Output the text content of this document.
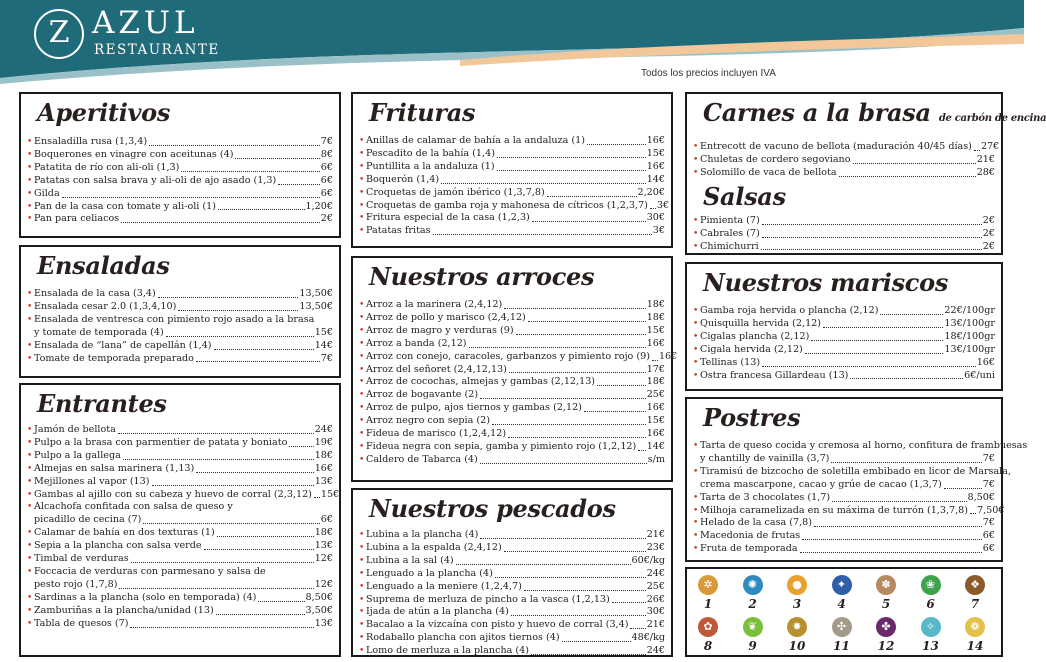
Z AZUL
RESTAURANTE
Todos los precios incluyen IVA
Aperitivos
• Ensaladilla rusa (1,3,4)	7€
• Boquerones en vinagre con aceitunas (4)	8€
• Patatita de río con ali-oli (1,3)	6€
• Patatas con salsa brava y ali-oli de ajo asado (1,3)	6€
• Gilda	6€
• Pan de la casa con tomate y ali-oli (1)	1,20€
• Pan para celiacos	2€
Ensaladas
• Ensalada de la casa (3,4)	13,50€
• Ensalada cesar 2.0 (1,3,4,10)	13,50€
• Ensalada de ventresca con pimiento rojo asado a la brasa
y tomate de temporada (4)	15€
• Ensalada de “lana” de capellán (1,4)	14€
• Tomate de temporada preparado	7€
Entrantes
• Jamón de bellota	24€
• Pulpo a la brasa con parmentier de patata y boniato	19€
• Pulpo a la gallega	18€
• Almejas en salsa marinera (1,13)	16€
• Mejillones al vapor (13)	13€
• Gambas al ajillo con su cabeza y huevo de corral (2,3,12) 15€
• Alcachofa confitada con salsa de queso y
picadillo de cecina (7)	6€
• Calamar de bahía en dos texturas (1)	18€
• Sepia a la plancha con salsa verde	13€
• Timbal de verduras	12€
• Foccacia de verduras con parmesano y salsa de
pesto rojo (1,7,8)	12€
• Sardinas a la plancha (solo en temporada) (4)	8,50€
• Zamburiñas a la plancha/unidad (13)	3,50€
• Tabla de quesos (7)	13€
Frituras
• Anillas de calamar de bahía a la andaluza (1)	16€
• Pescadito de la bahía (1,4)	15€
• Puntillita a la andaluza (1)	16€
• Boquerón (1,4)	14€
• Croquetas de jamón ibérico (1,3,7,8)	2,20€
• Croquetas de gamba roja y mahonesa de cítricos (1,2,3,7) 3€
• Fritura especial de la casa (1,2,3)	30€
• Patatas fritas	3€
Nuestros arroces
• Arroz a la marinera (2,4,12)	18€
• Arroz de pollo y marisco (2,4,12)	18€
• Arroz de magro y verduras (9)	15€
• Arroz a banda (2,12)	16€
• Arroz con conejo, caracoles, garbanzos y pimiento rojo (9) 16€
• Arroz del señoret (2,4,12,13)	17€
• Arroz de cocochas, almejas y gambas (2,12,13)	18€
• Arroz de bogavante (2)	25€
• Arroz de pulpo, ajos tiernos y gambas (2,12)	16€
• Arroz negro con sepia (2)	15€
• Fideua de marisco (1,2,4,12)	16€
• Fideua negra con sepia, gamba y pimiento rojo (1,2,12) 14€
• Caldero de Tabarca (4)	s/m
Nuestros pescados
• Lubina a la plancha (4)	21€
• Lubina a la espalda (2,4,12)	23€
• Lubina a la sal (4)	60€/kg
• Lenguado a la plancha (4)	24€
• Lenguado a la meniere (1,2,4,7)	25€
• Suprema de merluza de pincho a la vasca (1,2,13)	26€
• Ijada de atún a la plancha (4)	30€
• Bacalao a la vizcaína con pisto y huevo de corral (3,4) 21€
• Rodaballo plancha con ajitos tiernos (4)	48€/kg
• Lomo de merluza a la plancha (4)	24€
Carnes a la brasa de carbón de encina
• Entrecott de vacuno de bellota (maduración 40/45 días) 27€
• Chuletas de cordero segoviano	21€
• Solomillo de vaca de bellota	28€
Salsas
• Pimienta (7)	2€
• Cabrales (7)	2€
• Chimichurri	2€
Nuestros mariscos
• Gamba roja hervida o plancha (2,12)	22€/100gr
• Quisquilla hervida (2,12)	13€/100gr
• Cigalas plancha (2,12)	18€/100gr
• Cigala hervida (2,12)	13€/100gr
• Tellinas (13)	16€
• Ostra francesa Gillardeau (13)	6€/uni
Postres
• Tarta de queso cocida y cremosa al horno, confitura de frambuesas
y chantilly de vainilla (3,7)	7€
• Tiramisú de bizcocho de soletilla embibado en licor de Marsala,
crema mascarpone, cacao y grúe de cacao (1,3,7)	7€
• Tarta de 3 chocolates (1,7)	8,50€
• Milhoja caramelizada en su máxima de turrón (1,3,7,8) 7,50€
• Helado de la casa (7,8)	7€
• Macedonia de frutas	6€
• Fruta de temporada	6€
✲
1
✺
2
●
3
✦
4
✽
5
❀
6
❖
7
✿
8
❦
9
✸
10
✣
11
✤
12
✧
13
❁
14
